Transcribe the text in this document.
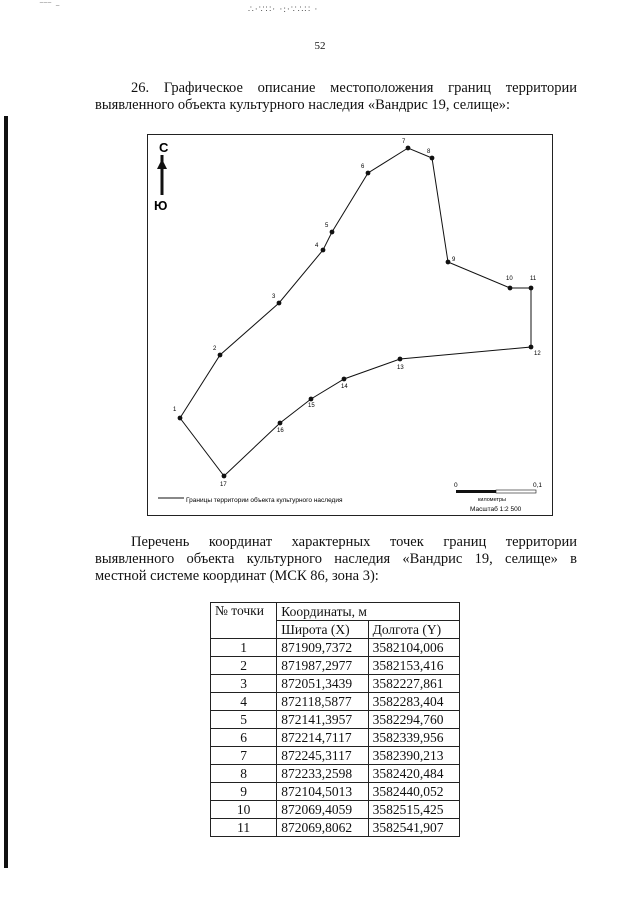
‾‾‾ ⁻	∴·∵∷· ·:·∵∴∷ ·
52
26. Графическое описание местоположения границ территории
выявленного объекта культурного наследия «Вандрис 19, селище»:
С
Ю
1
2
3
4
5
6
7
8
9
10	11
12
13
14
15
16
17
Границы территории объекта культурного наследия
0	0,1
километры
Масштаб 1:2 500
Перечень координат характерных точек границ территории
выявленного объекта культурного наследия «Вандрис 19, селище» в
местной системе координат (МСК 86, зона 3):
№ точки	Координаты, м	
	Широта (X)	Долгота (Y)
1	871909,7372	3582104,006
2	871987,2977	3582153,416
3	872051,3439	3582227,861
4	872118,5877	3582283,404
5	872141,3957	3582294,760
6	872214,7117	3582339,956
7	872245,3117	3582390,213
8	872233,2598	3582420,484
9	872104,5013	3582440,052
10	872069,4059	3582515,425
11	872069,8062	3582541,907
